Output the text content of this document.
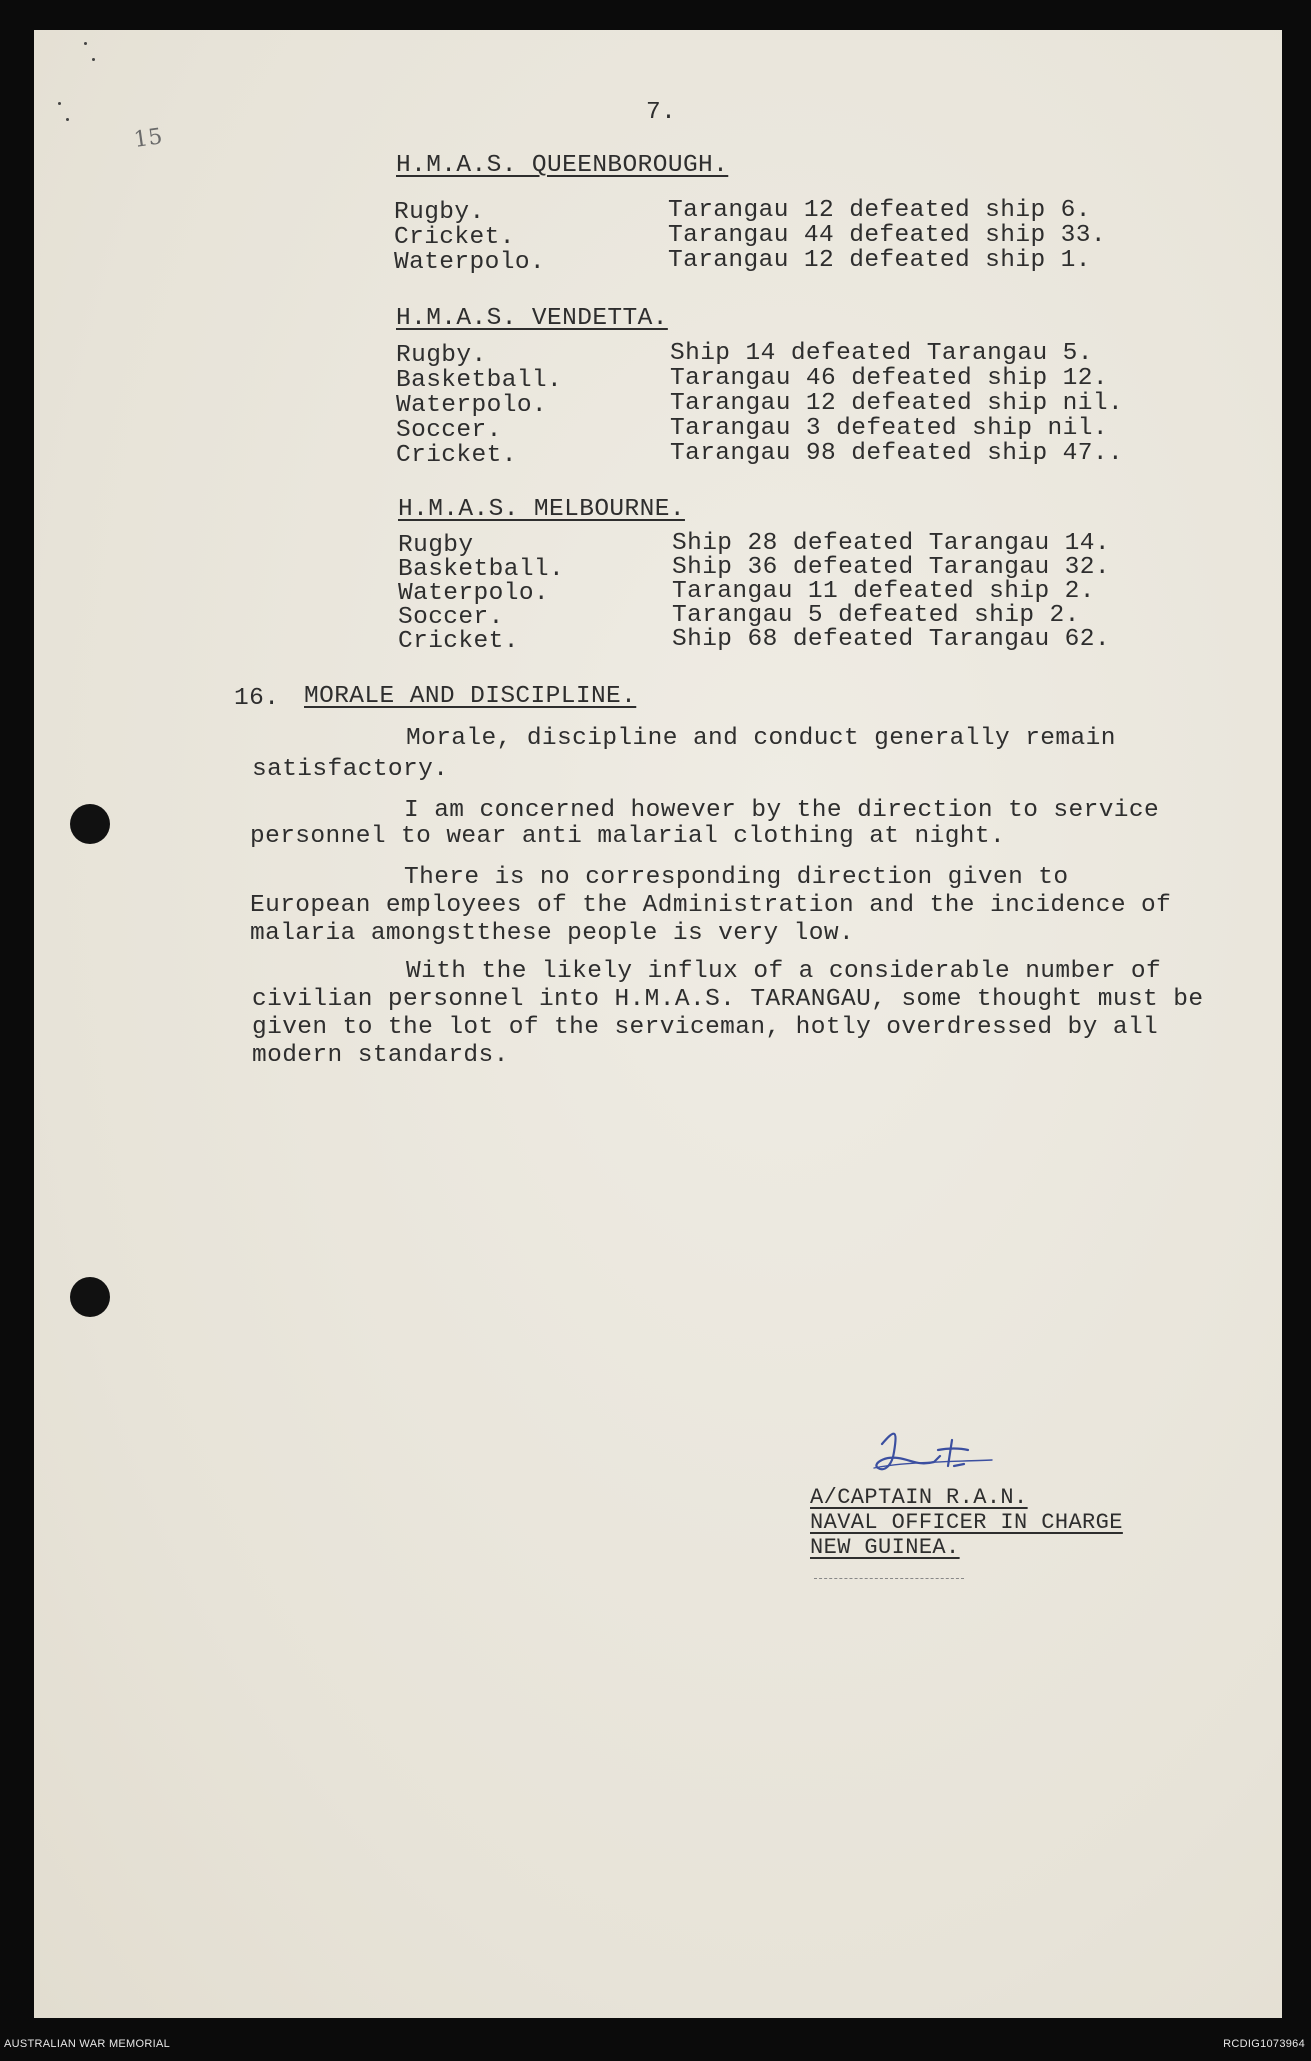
7.
15
H.M.A.S. QUEENBOROUGH.
Rugby.	Tarangau 12 defeated ship 6.
Cricket.	Tarangau 44 defeated ship 33.
Waterpolo.	Tarangau 12 defeated ship 1.
H.M.A.S. VENDETTA.
Rugby.	Ship 14 defeated Tarangau 5.
Basketball.	Tarangau 46 defeated ship 12.
Waterpolo.	Tarangau 12 defeated ship nil.
Soccer.	Tarangau 3 defeated ship nil.
Cricket.	Tarangau 98 defeated ship 47..
H.M.A.S. MELBOURNE.
Rugby	Ship 28 defeated Tarangau 14.
Basketball.	Ship 36 defeated Tarangau 32.
Waterpolo.	Tarangau 11 defeated ship 2.
Soccer.	Tarangau 5 defeated ship 2.
Cricket.	Ship 68 defeated Tarangau 62.
16. MORALE AND DISCIPLINE.
Morale, discipline and conduct generally remain
satisfactory.
I am concerned however by the direction to service
personnel to wear anti malarial clothing at night.
There is no corresponding direction given to
European employees of the Administration and the incidence of
malaria amongstthese people is very low.
With the likely influx of a considerable number of
civilian personnel into H.M.A.S. TARANGAU, some thought must be
given to the lot of the serviceman, hotly overdressed by all
modern standards.
A/CAPTAIN R.A.N.
NAVAL OFFICER IN CHARGE
NEW GUINEA.
AUSTRALIAN WAR MEMORIAL	RCDIG1073964
